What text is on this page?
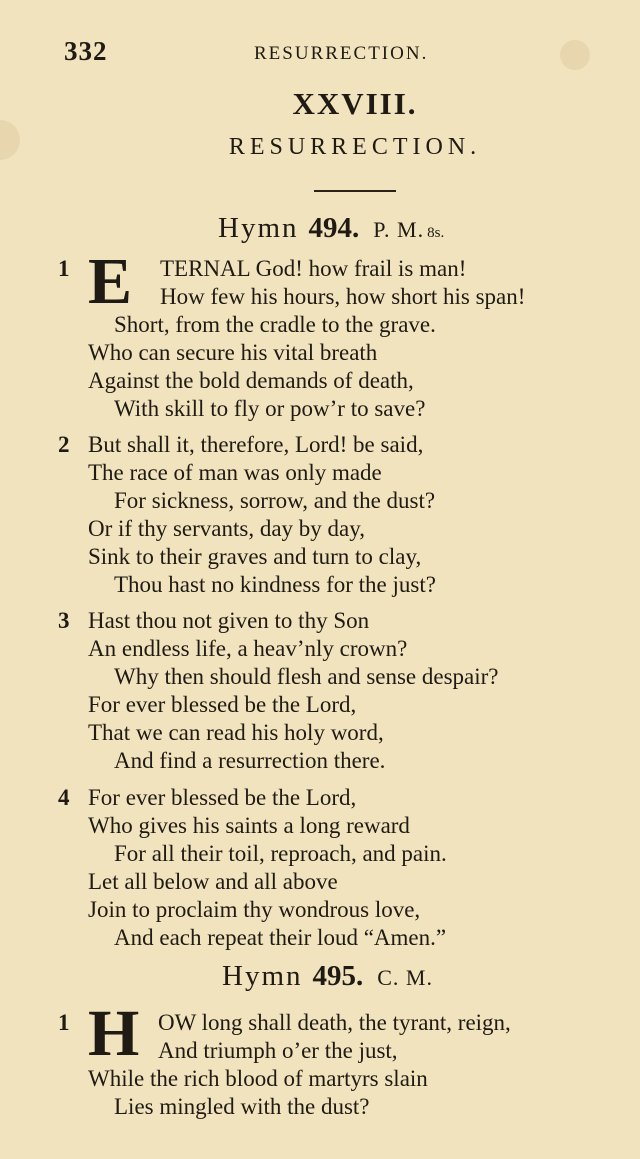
332	RESURRECTION.
XXVIII.
RESURRECTION.
Hymn 494. P. M. 8s.
1 E TERNAL God! how frail is man!
How few his hours, how short his span!
Short, from the cradle to the grave.
Who can secure his vital breath
Against the bold demands of death,
With skill to fly or pow’r to save?
2 But shall it, therefore, Lord! be said,
The race of man was only made
For sickness, sorrow, and the dust?
Or if thy servants, day by day,
Sink to their graves and turn to clay,
Thou hast no kindness for the just?
3 Hast thou not given to thy Son
An endless life, a heav’nly crown?
Why then should flesh and sense despair?
For ever blessed be the Lord,
That we can read his holy word,
And find a resurrection there.
4 For ever blessed be the Lord,
Who gives his saints a long reward
For all their toil, reproach, and pain.
Let all below and all above
Join to proclaim thy wondrous love,
And each repeat their loud “Amen.”
Hymn 495. C. M.
1 H OW long shall death, the tyrant, reign,
And triumph o’er the just,
While the rich blood of martyrs slain
Lies mingled with the dust?
